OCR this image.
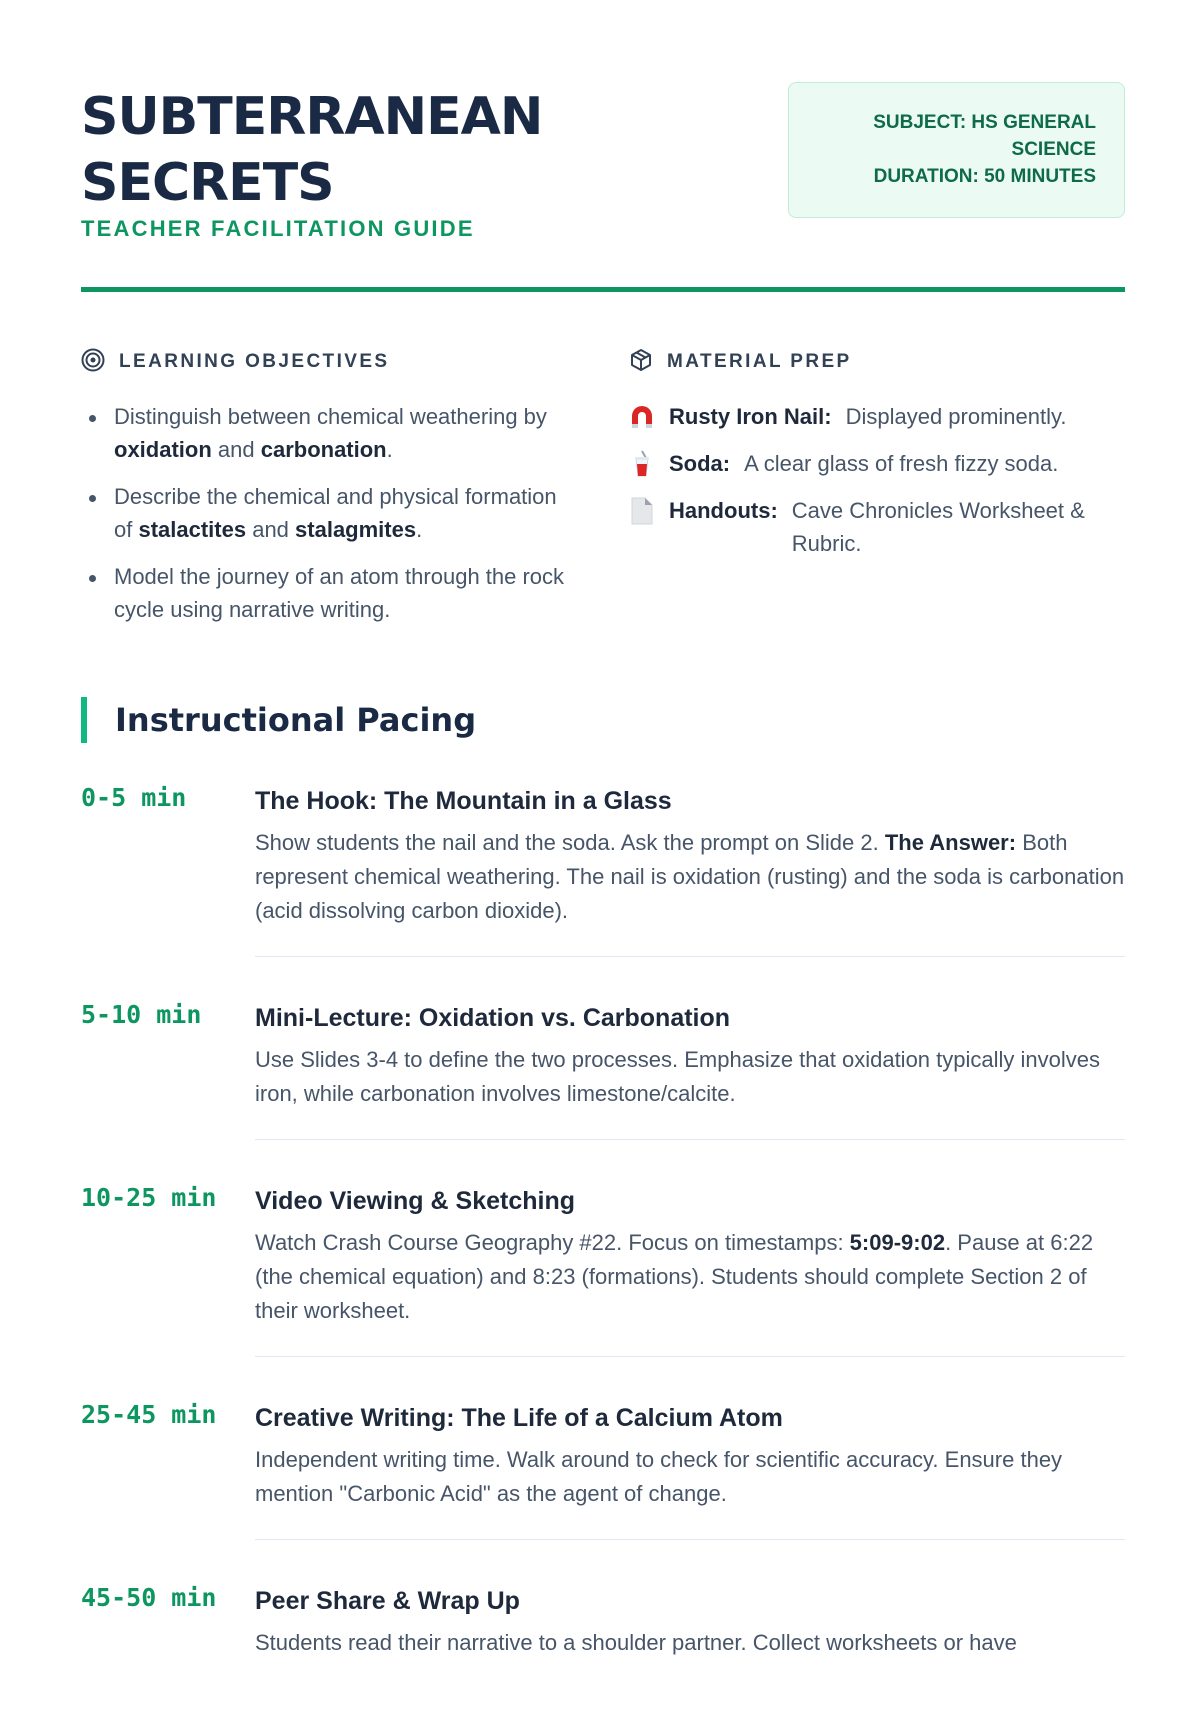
SUBTERRANEAN
SECRETS
TEACHER FACILITATION GUIDE
SUBJECT: HS GENERAL
SCIENCE
DURATION: 50 MINUTES
LEARNING OBJECTIVES
Distinguish between chemical weathering by oxidation and carbonation.
Describe the chemical and physical formation of stalactites and stalagmites.
Model the journey of an atom through the rock cycle using narrative writing.
MATERIAL PREP
Rusty Iron Nail: Displayed prominently.
Soda: A clear glass of fresh fizzy soda.
Handouts: Cave Chronicles Worksheet & Rubric.
Instructional Pacing
0-5 min	The Hook: The Mountain in a Glass

Show students the nail and the soda. Ask the prompt on Slide 2. The Answer: Both represent chemical weathering. The nail is oxidation (rusting) and the soda is carbonation (acid dissolving carbon dioxide).

5-10 min	Mini-Lecture: Oxidation vs. Carbonation

Use Slides 3-4 to define the two processes. Emphasize that oxidation typically involves iron, while carbonation involves limestone/calcite.

10-25 min	Video Viewing & Sketching

Watch Crash Course Geography #22. Focus on timestamps: 5:09-9:02. Pause at 6:22 (the chemical equation) and 8:23 (formations). Students should complete Section 2 of their worksheet.

25-45 min	Creative Writing: The Life of a Calcium Atom

Independent writing time. Walk around to check for scientific accuracy. Ensure they mention "Carbonic Acid" as the agent of change.

45-50 min	Peer Share & Wrap Up

Students read their narrative to a shoulder partner. Collect worksheets or have
